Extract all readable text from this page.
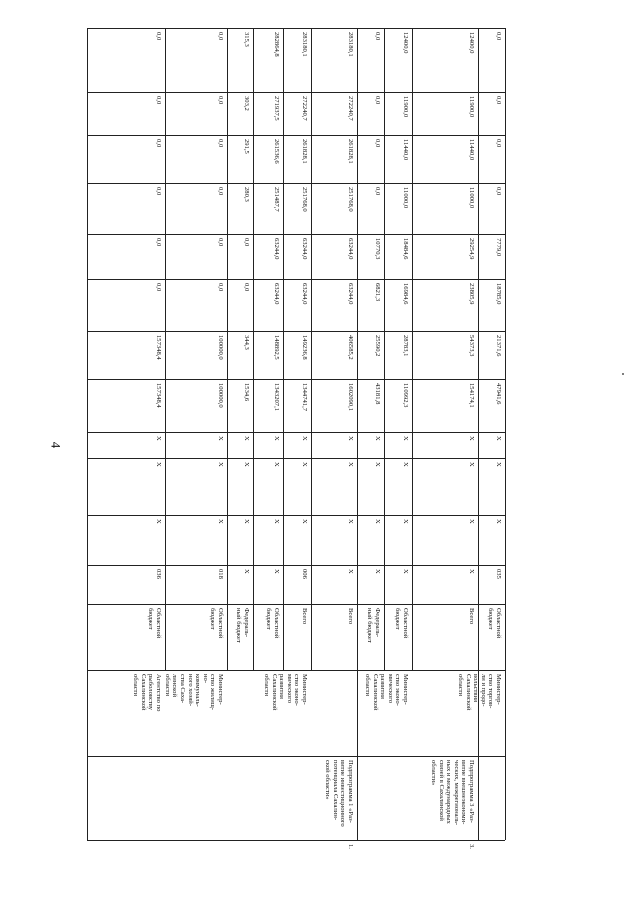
4
0,0
0,0
0,0
0,0
7779,0
18785,0
21371,6
47941,6
X
X
X
035
Областной
бюджет
Министер-
ство торгов-
ли и продо-
вольствия
Сахалинской
области
12400,0
11900,0
11440,0
11000,0
29254,9
23805,9
54373,3
154174,1
X
X
X
X
Всего
Подпрограмма 3 «Раз-
витие внешнеэкономи-
ческих, межрегиональ-
ных и международных
связей в Сахалинской
области»
3.
12400,0
11900,0
11440,0
11000,0
18484,6
16984,6
28783,1
110992,3
X
X
X
X
Областной
бюджет
Министер-
ство эконо-
мического
развития
Сахалинской
области
0,0
0,0
0,0
0,0
10770,3
6821,3
25590,2
43181,8
X
X
X
X
Федераль-
ный бюджет
283180,1
272240,7
261828,1
251768,0
63244,0
63244,0
406585,2
1602090,1
X
X
X
X
Всего
Подпрограмма 1 «Раз-
витие инвестиционного
потенциала Сахалин-
ской области»
1.
283180,1
272240,7
261828,1
251768,0
63244,0
63244,0
149236,8
1344741,7
X
X
X
006
Всего
Министер-
ство эконо-
мического
развития
Сахалинской
области
282864,8
271937,5
261536,6
251487,7
63244,0
63244,0
148892,5
1343207,1
X
X
X
X
Областной
бюджет
315,3
303,2
291,5
280,3
0,0
0,0
344,3
1534,6
X
X
X
X
Федераль-
ный бюджет
0,0
0,0
0,0
0,0
0,0
0,0
100000,0
100000,0
X
X
X
018
Областной
бюджет
Министер-
ство жилищ-
но-
коммуналь-
ного хозяй-
ства Саха-
линской
области
0,0
0,0
0,0
0,0
0,0
0,0
157348,4
157348,4
X
X
X
036
Областной
бюджет
Агентство по
рыболовству
Сахалинской
области
